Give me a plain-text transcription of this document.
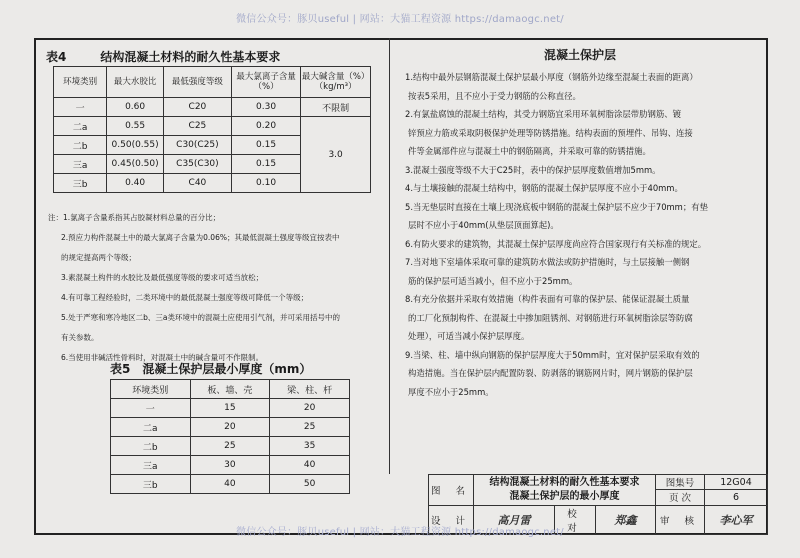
微信公众号：豚贝useful | 网站：大猫工程资源 https://damaogc.net/
表4	结构混凝土材料的耐久性基本要求
环境类别	最大水胶比	最低强度等级	最大氯离子含量（%）	最大碱含量（%）（kg/m³）
一	0.60	C20	0.30	不限制
二a	0.55	C25	0.20	3.0
二b	0.50(0.55)	C30(C25)	0.15	
三a	0.45(0.50)	C35(C30)	0.15	
三b	0.40	C40	0.10	
注：1.氯离子含量系指其占胶凝材料总量的百分比；
2.预应力构件混凝土中的最大氯离子含量为0.06%；其最低混凝土强度等级宜按表中
的规定提高两个等级；
3.素混凝土构件的水胶比及最低强度等级的要求可适当放松；
4.有可靠工程经验时，二类环境中的最低混凝土强度等级可降低一个等级；
5.处于严寒和寒冷地区二b、三a类环境中的混凝土应使用引气剂，并可采用括号中的
有关参数。
6.当使用非碱活性骨料时，对混凝土中的碱含量可不作限制。
表5 混凝土保护层最小厚度（mm）
环境类别	板、墙、壳	梁、柱、杆
一	15	20
二a	20	25
二b	25	35
三a	30	40
三b	40	50
混凝土保护层
1.结构中最外层钢筋混凝土保护层最小厚度（钢筋外边缘至混凝土表面的距离）
按表5采用，且不应小于受力钢筋的公称直径。
2.有氯盐腐蚀的混凝土结构，其受力钢筋宜采用环氧树脂涂层带肋钢筋、镀
锌预应力筋或采取阴极保护处理等防锈措施。结构表面的预埋件、吊钩、连接
件等金属部件应与混凝土中的钢筋隔离，并采取可靠的防锈措施。
3.混凝土强度等级不大于C25时，表中的保护层厚度数值增加5mm。
4.与土壤接触的混凝土结构中，钢筋的混凝土保护层厚度不应小于40mm。
5.当无垫层时直接在土壤上现浇底板中钢筋的混凝土保护层不应少于70mm；有垫
层时不应小于40mm(从垫层顶面算起)。
6.有防火要求的建筑物，其混凝土保护层厚度尚应符合国家现行有关标准的规定。
7.当对地下室墙体采取可靠的建筑防水做法或防护措施时，与土层接触一侧钢
筋的保护层可适当减小，但不应小于25mm。
8.有充分依据并采取有效措施（构件表面有可靠的保护层、能保证混凝土质量
的工厂化预制构件、在混凝土中掺加阻锈剂、对钢筋进行环氧树脂涂层等防腐
处理），可适当减小保护层厚度。
9.当梁、柱、墙中纵向钢筋的保护层厚度大于50mm时，宜对保护层采取有效的
构造措施。当在保护层内配置防裂、防剥落的钢筋网片时，网片钢筋的保护层
厚度不应小于25mm。
图 名	结构混凝土材料的耐久性基本要求
混凝土保护层的最小厚度			图集号	12G04
				页 次	6
设 计	高月雷	校 对	郑鑫	审 核	李心军
微信公众号：豚贝useful | 网站：大猫工程资源 https://damaogc.net/
